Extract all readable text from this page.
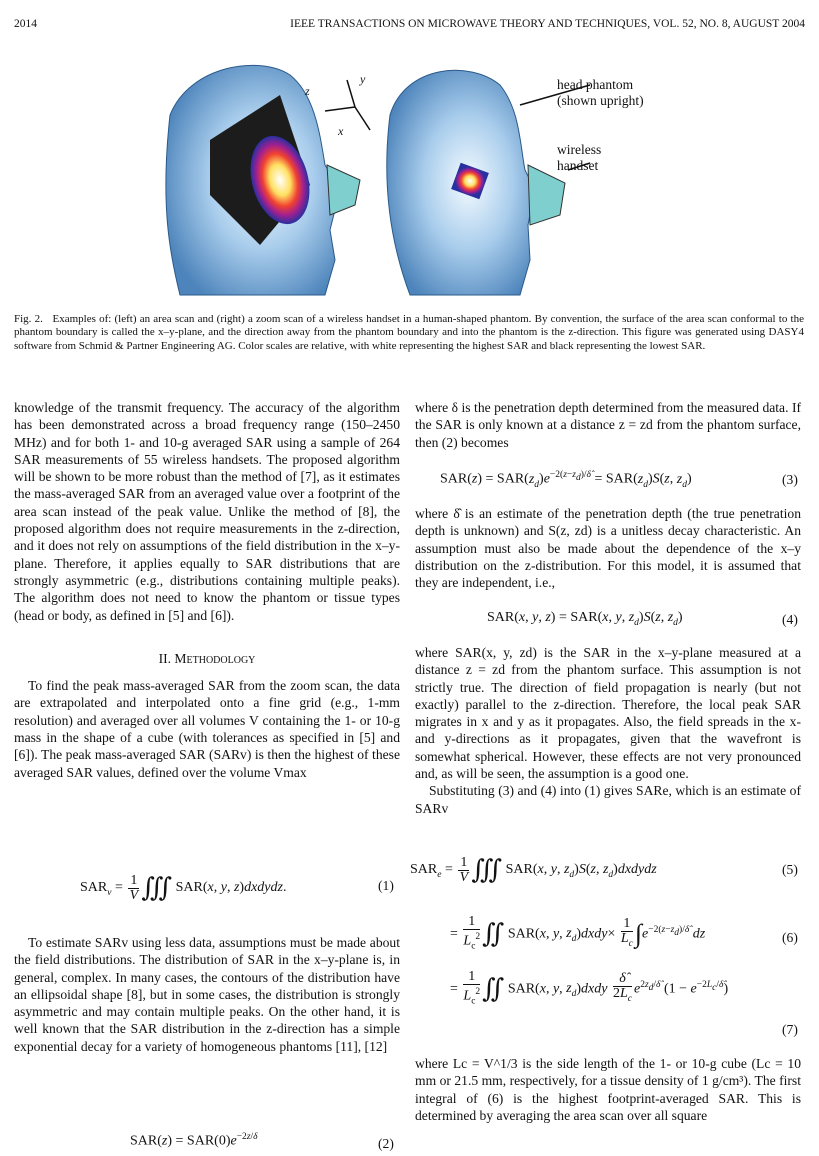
2014	IEEE TRANSACTIONS ON MICROWAVE THEORY AND TECHNIQUES, VOL. 52, NO. 8, AUGUST 2004
z
y
x
head phantom
(shown upright)
wireless
handset
Fig. 2. Examples of: (left) an area scan and (right) a zoom scan of a wireless handset in a human-shaped phantom. By convention, the surface of the area scan conformal to the phantom boundary is called the x–y-plane, and the direction away from the phantom boundary and into the phantom is the z-direction. This figure was generated using DASY4 software from Schmid & Partner Engineering AG. Color scales are relative, with white representing the highest SAR and black representing the lowest SAR.

knowledge of the transmit frequency. The accuracy of the algorithm has been demonstrated across a broad frequency range (150–2450 MHz) and for both 1- and 10-g averaged SAR using a sample of 264 SAR measurements of 55 wireless handsets. The proposed algorithm will be shown to be more robust than the method of [7], as it estimates the mass-averaged SAR from an averaged value over a footprint of the area scan instead of the peak value. Unlike the method of [8], the proposed algorithm does not require measurements in the z-direction, and it does not rely on assumptions of the field distribution in the x–y-plane. Therefore, it applies equally to SAR distributions that are strongly asymmetric (e.g., distributions containing multiple peaks). The algorithm does not need to know the phantom or tissue types (head or body, as defined in [5] and [6]).

II. Methodology

To find the peak mass-averaged SAR from the zoom scan, the data are extrapolated and interpolated onto a fine grid (e.g., 1-mm resolution) and averaged over all volumes V containing the 1- or 10-g mass in the shape of a cube (with tolerances as specified in [5] and [6]). The peak mass-averaged SAR (SARv) is then the highest of these averaged SAR values, defined over the volume Vmax

$SAR_v = \frac{1}{V}$ ∭ SAR(x, y, z)dxdydz.	(1)

To estimate SARv using less data, assumptions must be made about the field distributions. The distribution of SAR in the x–y-plane is, in general, complex. In many cases, the contours of the distribution have an ellipsoidal shape [8], but in some cases, the distribution is strongly asymmetric and may contain multiple peaks. On the other hand, it is well known that the SAR distribution in the z-direction has a simple exponential decay for a variety of homogeneous phantoms [11], [12]

$SAR(z) = SAR(0)e^{-2z/\delta}$	(2)

where δ is the penetration depth determined from the measured data. If the SAR is only known at a distance z = zd from the phantom surface, then (2) becomes

$SAR(z) = SAR(z_d)e^{-2(z-z_d)/\deltâ} = SAR(z_d)S(z$, $z_d$)	(3)

where δ̂ is an estimate of the penetration depth (the true penetration depth is unknown) and S(z, zd) is a unitless decay characteristic. An assumption must also be made about the dependence of the x–y distribution on the z-distribution. For this model, it is assumed that they are independent, i.e.,

SAR(x, y, z) = SAR(x, y, $z_d)S(z$, $z_d$)	(4)

where SAR(x, y, zd) is the SAR in the x–y-plane measured at a distance z = zd from the phantom surface. This assumption is not strictly true. The direction of field propagation is nearly (but not exactly) parallel to the z-direction. Therefore, the local peak SAR migrates in x and y as it propagates. Also, the field spreads in the x- and y-directions as it propagates, given that the wavefront is somewhat spherical. However, these effects are not very pronounced and, as will be seen, the assumption is a good one.

Substituting (3) and (4) into (1) gives SARe, which is an estimate of SARv

$SAR_e = \frac{1}{V}$ ∭ SAR(x, y, $z_d)S(z$, $z_d)dxdydz$	(5)
= $\frac{1}{L_c^2}$ ∬ SAR(x, y, $z_d)dxdy\times \frac{1}{L_c} \int e^{-2(z-z_d)/\deltâ}$ dz	(6)
= $\frac{1}{L_c^2}$ ∬ SAR(x, y, $z_d)dxdy \frac{\deltâ}{2L_c} e^{2z_d/\deltâ}$ $(1 - e^{-2L_c/\deltâ})$
(7)

where Lc = V^1/3 is the side length of the 1- or 10-g cube (Lc = 10 mm or 21.5 mm, respectively, for a tissue density of 1 g/cm³). The first integral of (6) is the highest footprint-averaged SAR. This is determined by averaging the area scan over all square
